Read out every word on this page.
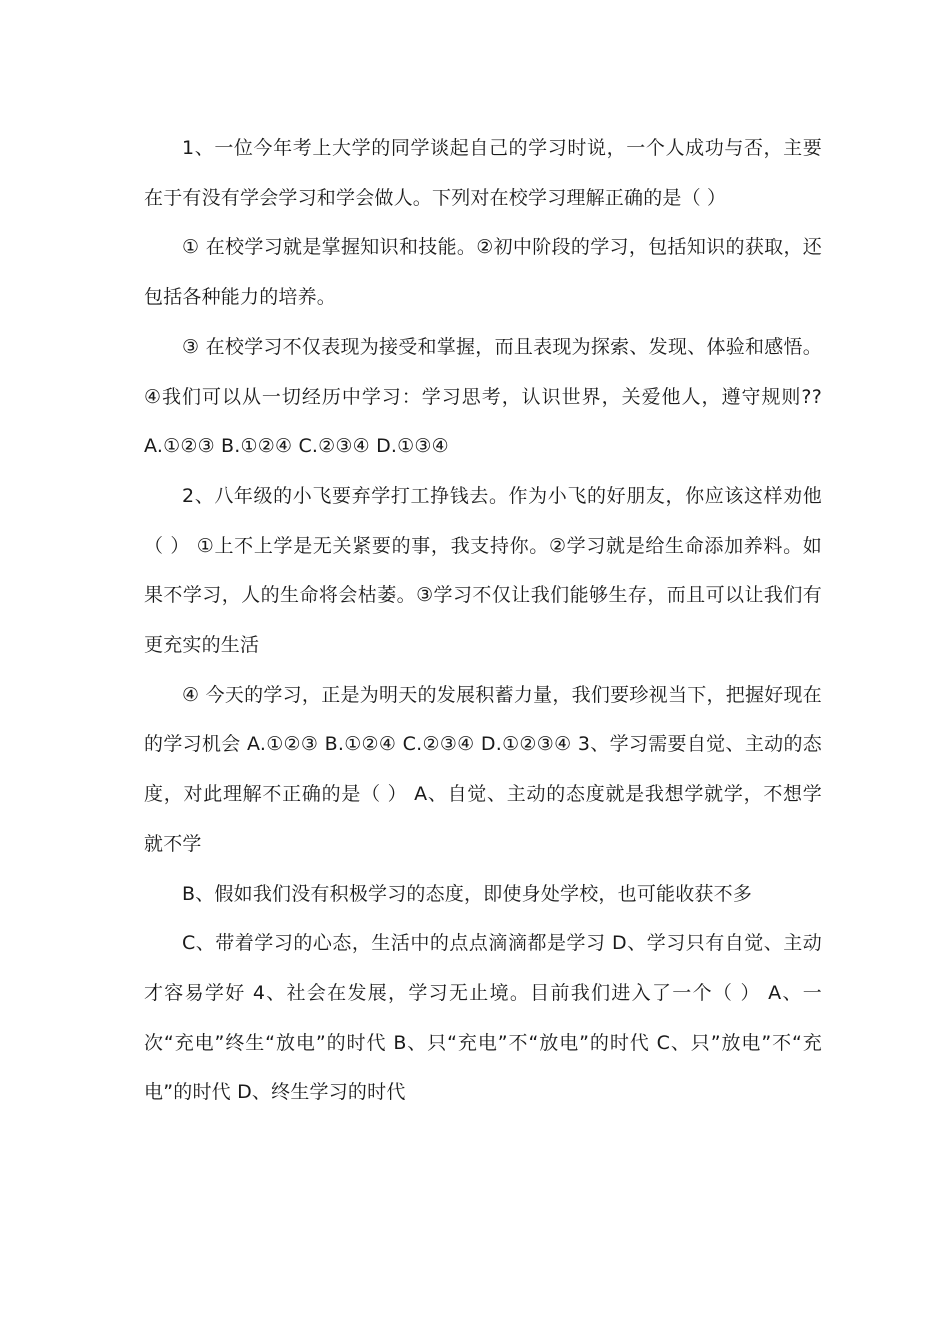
1、一位今年考上大学的同学谈起自己的学习时说，一个人成功与否，主要在于有没有学会学习和学会做人。下列对在校学习理解正确的是（ ）

① 在校学习就是掌握知识和技能。②初中阶段的学习，包括知识的获取，还包括各种能力的培养。

③ 在校学习不仅表现为接受和掌握，而且表现为探索、发现、体验和感悟。 ④我们可以从一切经历中学习：学习思考，认识世界，关爱他人，遵守规则?? A.①②③ B.①②④ C.②③④ D.①③④

2、八年级的小飞要弃学打工挣钱去。作为小飞的好朋友，你应该这样劝他（ ） ①上不上学是无关紧要的事，我支持你。②学习就是给生命添加养料。如果不学习，人的生命将会枯萎。③学习不仅让我们能够生存，而且可以让我们有更充实的生活

④ 今天的学习，正是为明天的发展积蓄力量，我们要珍视当下，把握好现在的学习机会 A.①②③ B.①②④ C.②③④ D.①②③④ 3、学习需要自觉、主动的态度，对此理解不正确的是（ ） A、自觉、主动的态度就是我想学就学，不想学就不学

B、假如我们没有积极学习的态度，即使身处学校，也可能收获不多

C、带着学习的心态，生活中的点点滴滴都是学习 D、学习只有自觉、主动才容易学好 4、社会在发展，学习无止境。目前我们进入了一个（ ） A、一次“充电”终生“放电”的时代 B、只“充电”不“放电”的时代 C、只”放电”不“充电”的时代 D、终生学习的时代
